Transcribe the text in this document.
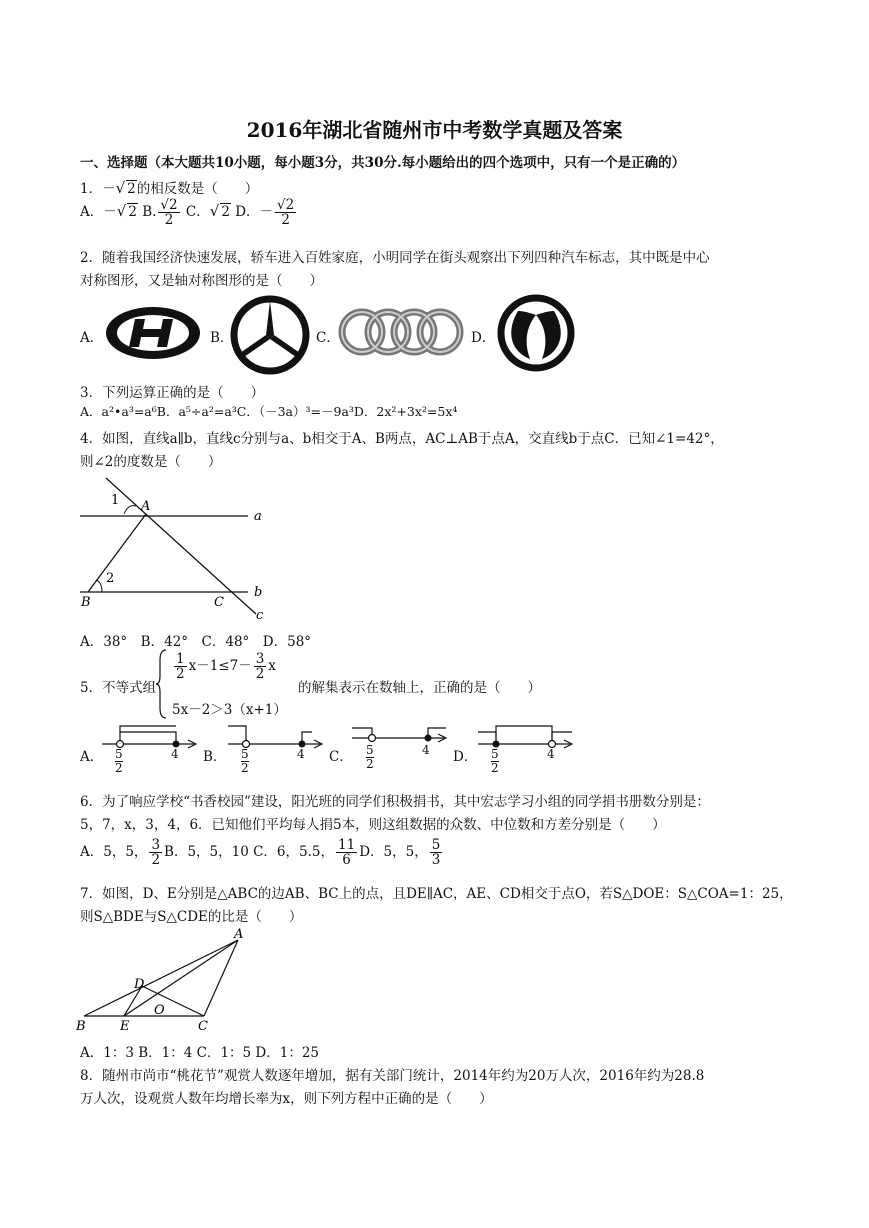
2016年湖北省随州市中考数学真题及答案
一、选择题（本大题共10小题，每小题3分，共30分.每小题给出的四个选项中，只有一个是正确的）
1．－√ 2的相反数是（　　）
A．－√ 2 B. $\frac{√2}{2}$ C．√ 2 D．－ $\frac{√2}{2}$
2．随着我国经济快速发展，轿车进入百姓家庭，小明同学在街头观察出下列四种汽车标志，其中既是中心
对称图形，又是轴对称图形的是（　　）
A．	B．	C．	D．
3．下列运算正确的是（　　）
A．a²•a³=a⁶B．a⁵÷a²=a³C．（－3a）³=－9a³D．2x²+3x²=5x⁴
4．如图，直线a∥b，直线c分别与a、b相交于A、B两点，AC⊥AB于点A，交直线b于点C．已知∠1=42°，
则∠2的度数是（　　）
1 A
a
2
B	C
b
c
A．38°　B．42°　C．48°　D．58°
5．不等式组
$\frac{1}{2} x-1\le 7- \frac{3}{2}$ x
5x－2＞3（x+1）
的解集表示在数轴上，正确的是（　　）
A． 5
2
4 B． 5
2
4 C． 5
2
4 D． 5
2
4
6．为了响应学校“书香校园”建设，阳光班的同学们积极捐书，其中宏志学习小组的同学捐书册数分别是：
5，7，x，3，4，6．已知他们平均每人捐5本，则这组数据的众数、中位数和方差分别是（　　）
A．5，5， $\frac{3}{2}$ B．5，5，10 C．6，5.5， $\frac{11}{6}$ D．5，5， $\frac{5}{3}$
7．如图，D、E分别是△ABC的边AB、BC上的点，且DE∥AC，AE、CD相交于点O，若S△DOE：S△COA=1：25，
则S△BDE与S△CDE的比是（　　）
A
D
O
B	E	C
A．1：3 B．1：4 C．1：5 D．1：25
8．随州市尚市“桃花节”观赏人数逐年增加，据有关部门统计，2014年约为20万人次，2016年约为28.8
万人次，设观赏人数年均增长率为x，则下列方程中正确的是（　　）
